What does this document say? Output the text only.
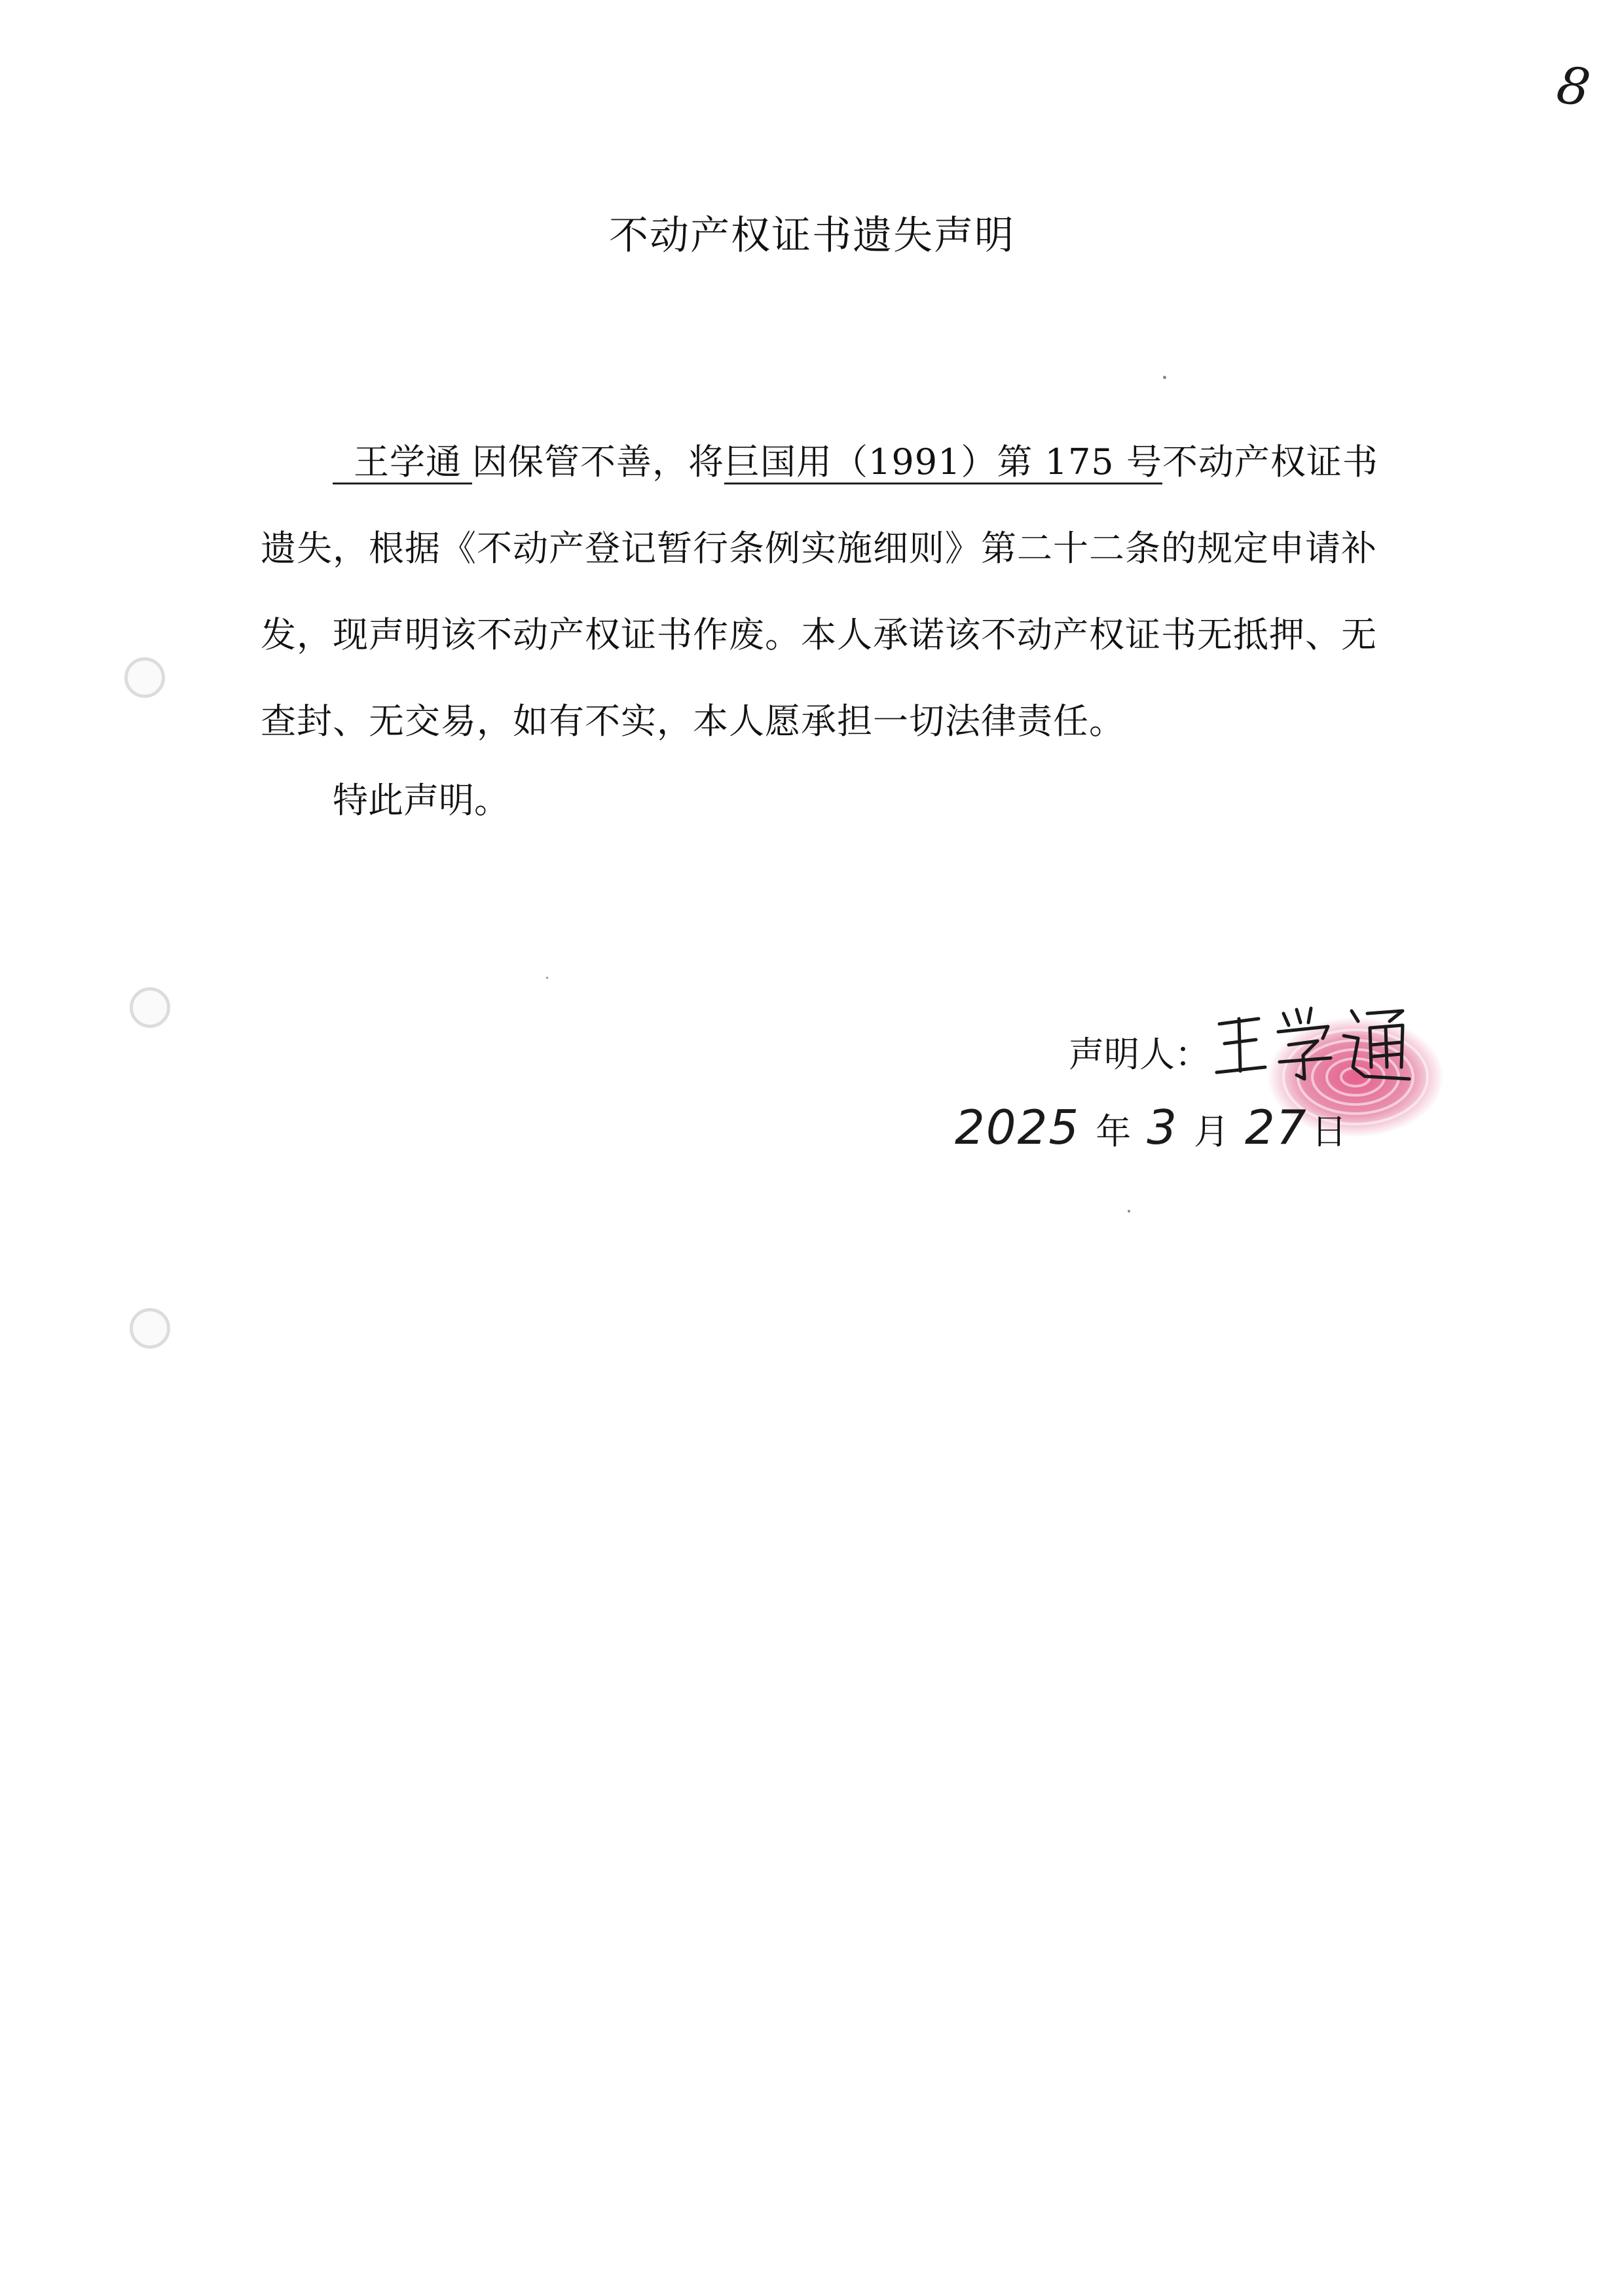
8
不动产权证书遗失声明

王学通 因保管不善，将巨国用（1991）第 175 号不动产权证书遗失，根据《不动产登记暂行条例实施细则》第二十二条的规定申请补发，现声明该不动产权证书作废。本人承诺该不动产权证书无抵押、无查封、无交易，如有不实，本人愿承担一切法律责任。

特此声明。
声明人：
2025 年 3 月 27 日
